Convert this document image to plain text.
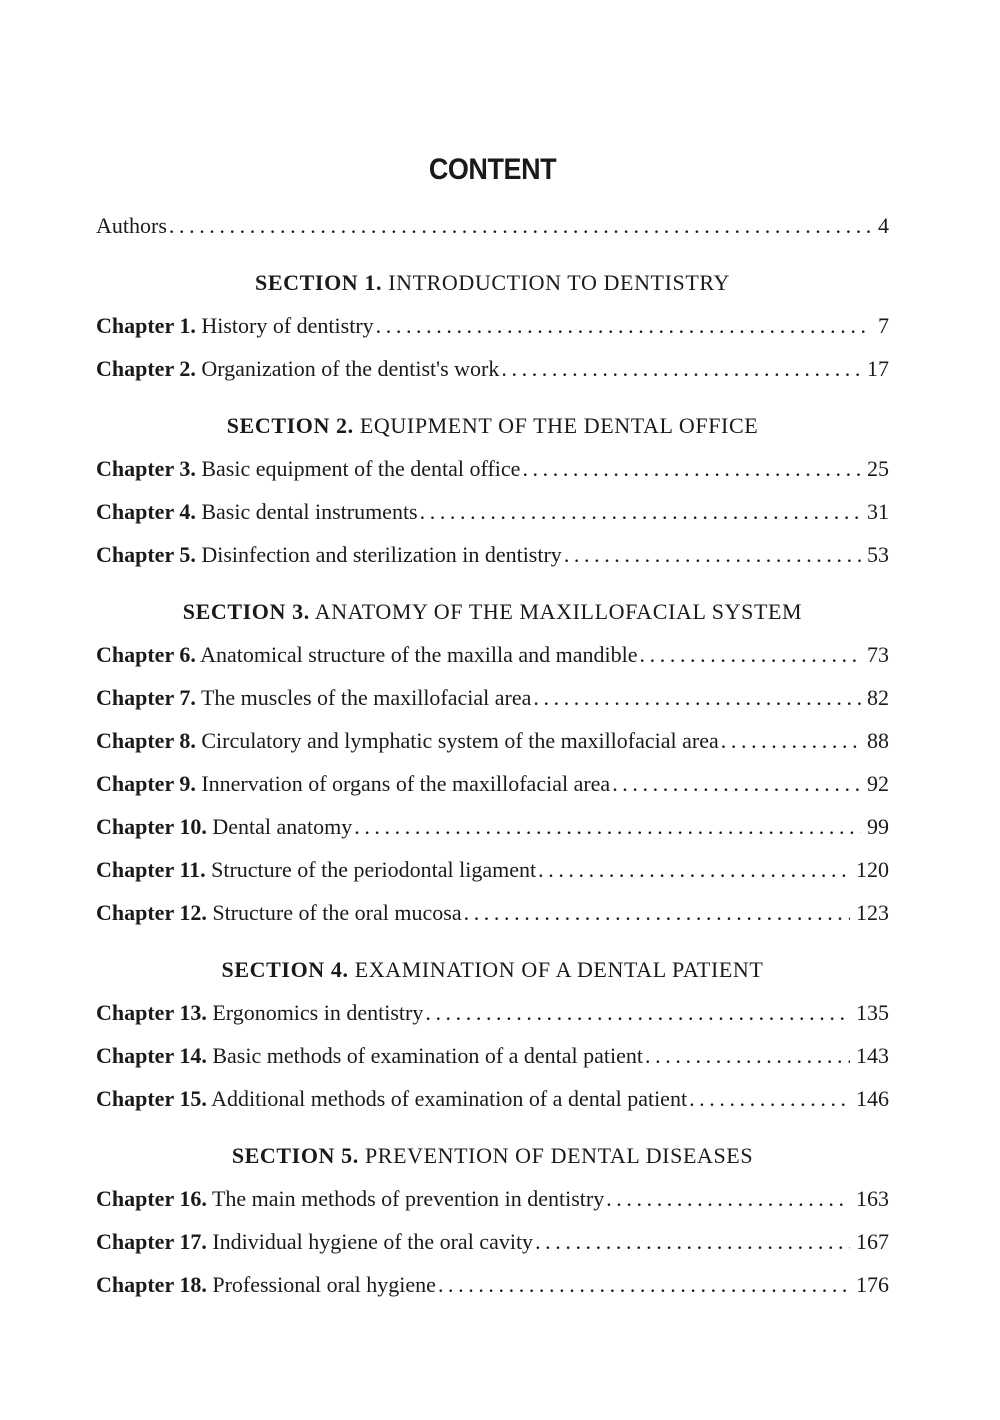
CONTENT
Authors .....	4
SECTION 1. INTRODUCTION TO DENTISTRY
Chapter 1. History of dentistry .....	7
Chapter 2. Organization of the dentist's work .....	17
SECTION 2. EQUIPMENT OF THE DENTAL OFFICE
Chapter 3. Basic equipment of the dental office .....	25
Chapter 4. Basic dental instruments .....	31
Chapter 5. Disinfection and sterilization in dentistry .....	53
SECTION 3. ANATOMY OF THE MAXILLOFACIAL SYSTEM
Chapter 6. Anatomical structure of the maxilla and mandible .....	73
Chapter 7. The muscles of the maxillofacial area .....	82
Chapter 8. Circulatory and lymphatic system of the maxillofacial area .....	88
Chapter 9. Innervation of organs of the maxillofacial area .....	92
Chapter 10. Dental anatomy .....	99
Chapter 11. Structure of the periodontal ligament .....	120
Chapter 12. Structure of the oral mucosa .....	123
SECTION 4. EXAMINATION OF A DENTAL PATIENT
Chapter 13. Ergonomics in dentistry .....	135
Chapter 14. Basic methods of examination of a dental patient .....	143
Chapter 15. Additional methods of examination of a dental patient .....	146
SECTION 5. PREVENTION OF DENTAL DISEASES
Chapter 16. The main methods of prevention in dentistry .....	163
Chapter 17. Individual hygiene of the oral cavity .....	167
Chapter 18. Professional oral hygiene .....	176
